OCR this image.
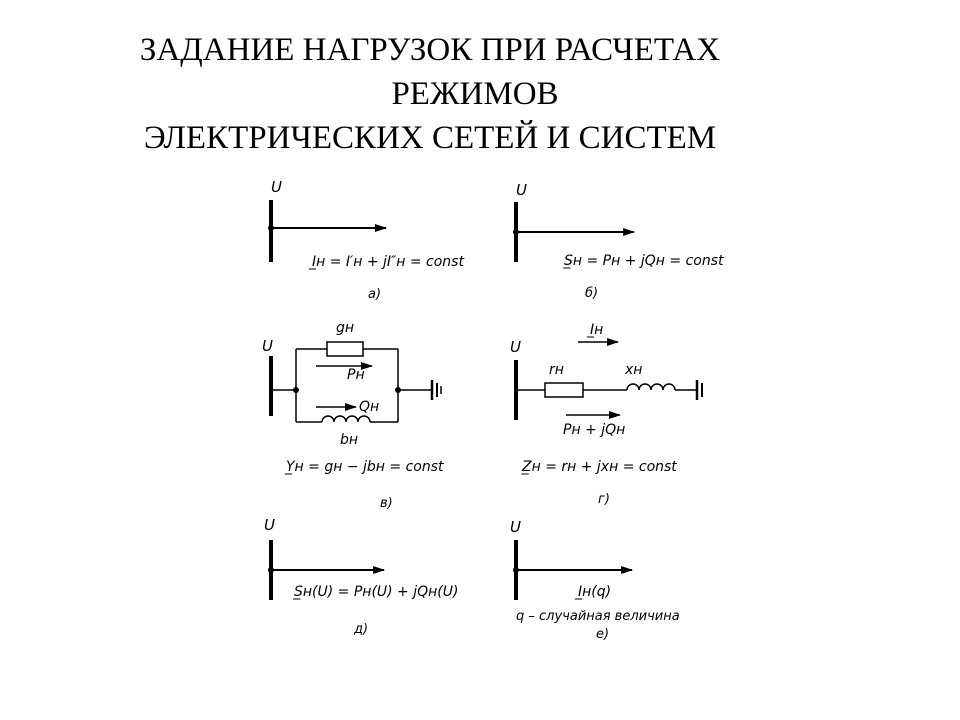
ЗАДАНИЕ НАГРУЗОК ПРИ РАСЧЕТАХ
РЕЖИМОВ
ЭЛЕКТРИЧЕСКИХ СЕТЕЙ И СИСТЕМ
U
I̲н = I′н + jI″н = const
а)
U
S̲н = Pн + jQн = const
б)
U
gн
Pн
Qн
bн
Y̲н = gн − jbн = const
в)
U
I̲н
rн	xн
Pн + jQн
Z̲н = rн + jxн = const
г)
U
S̲н(U) = Pн(U) + jQн(U)
д)
U
I̲н(q)
q – случайная величина
е)
